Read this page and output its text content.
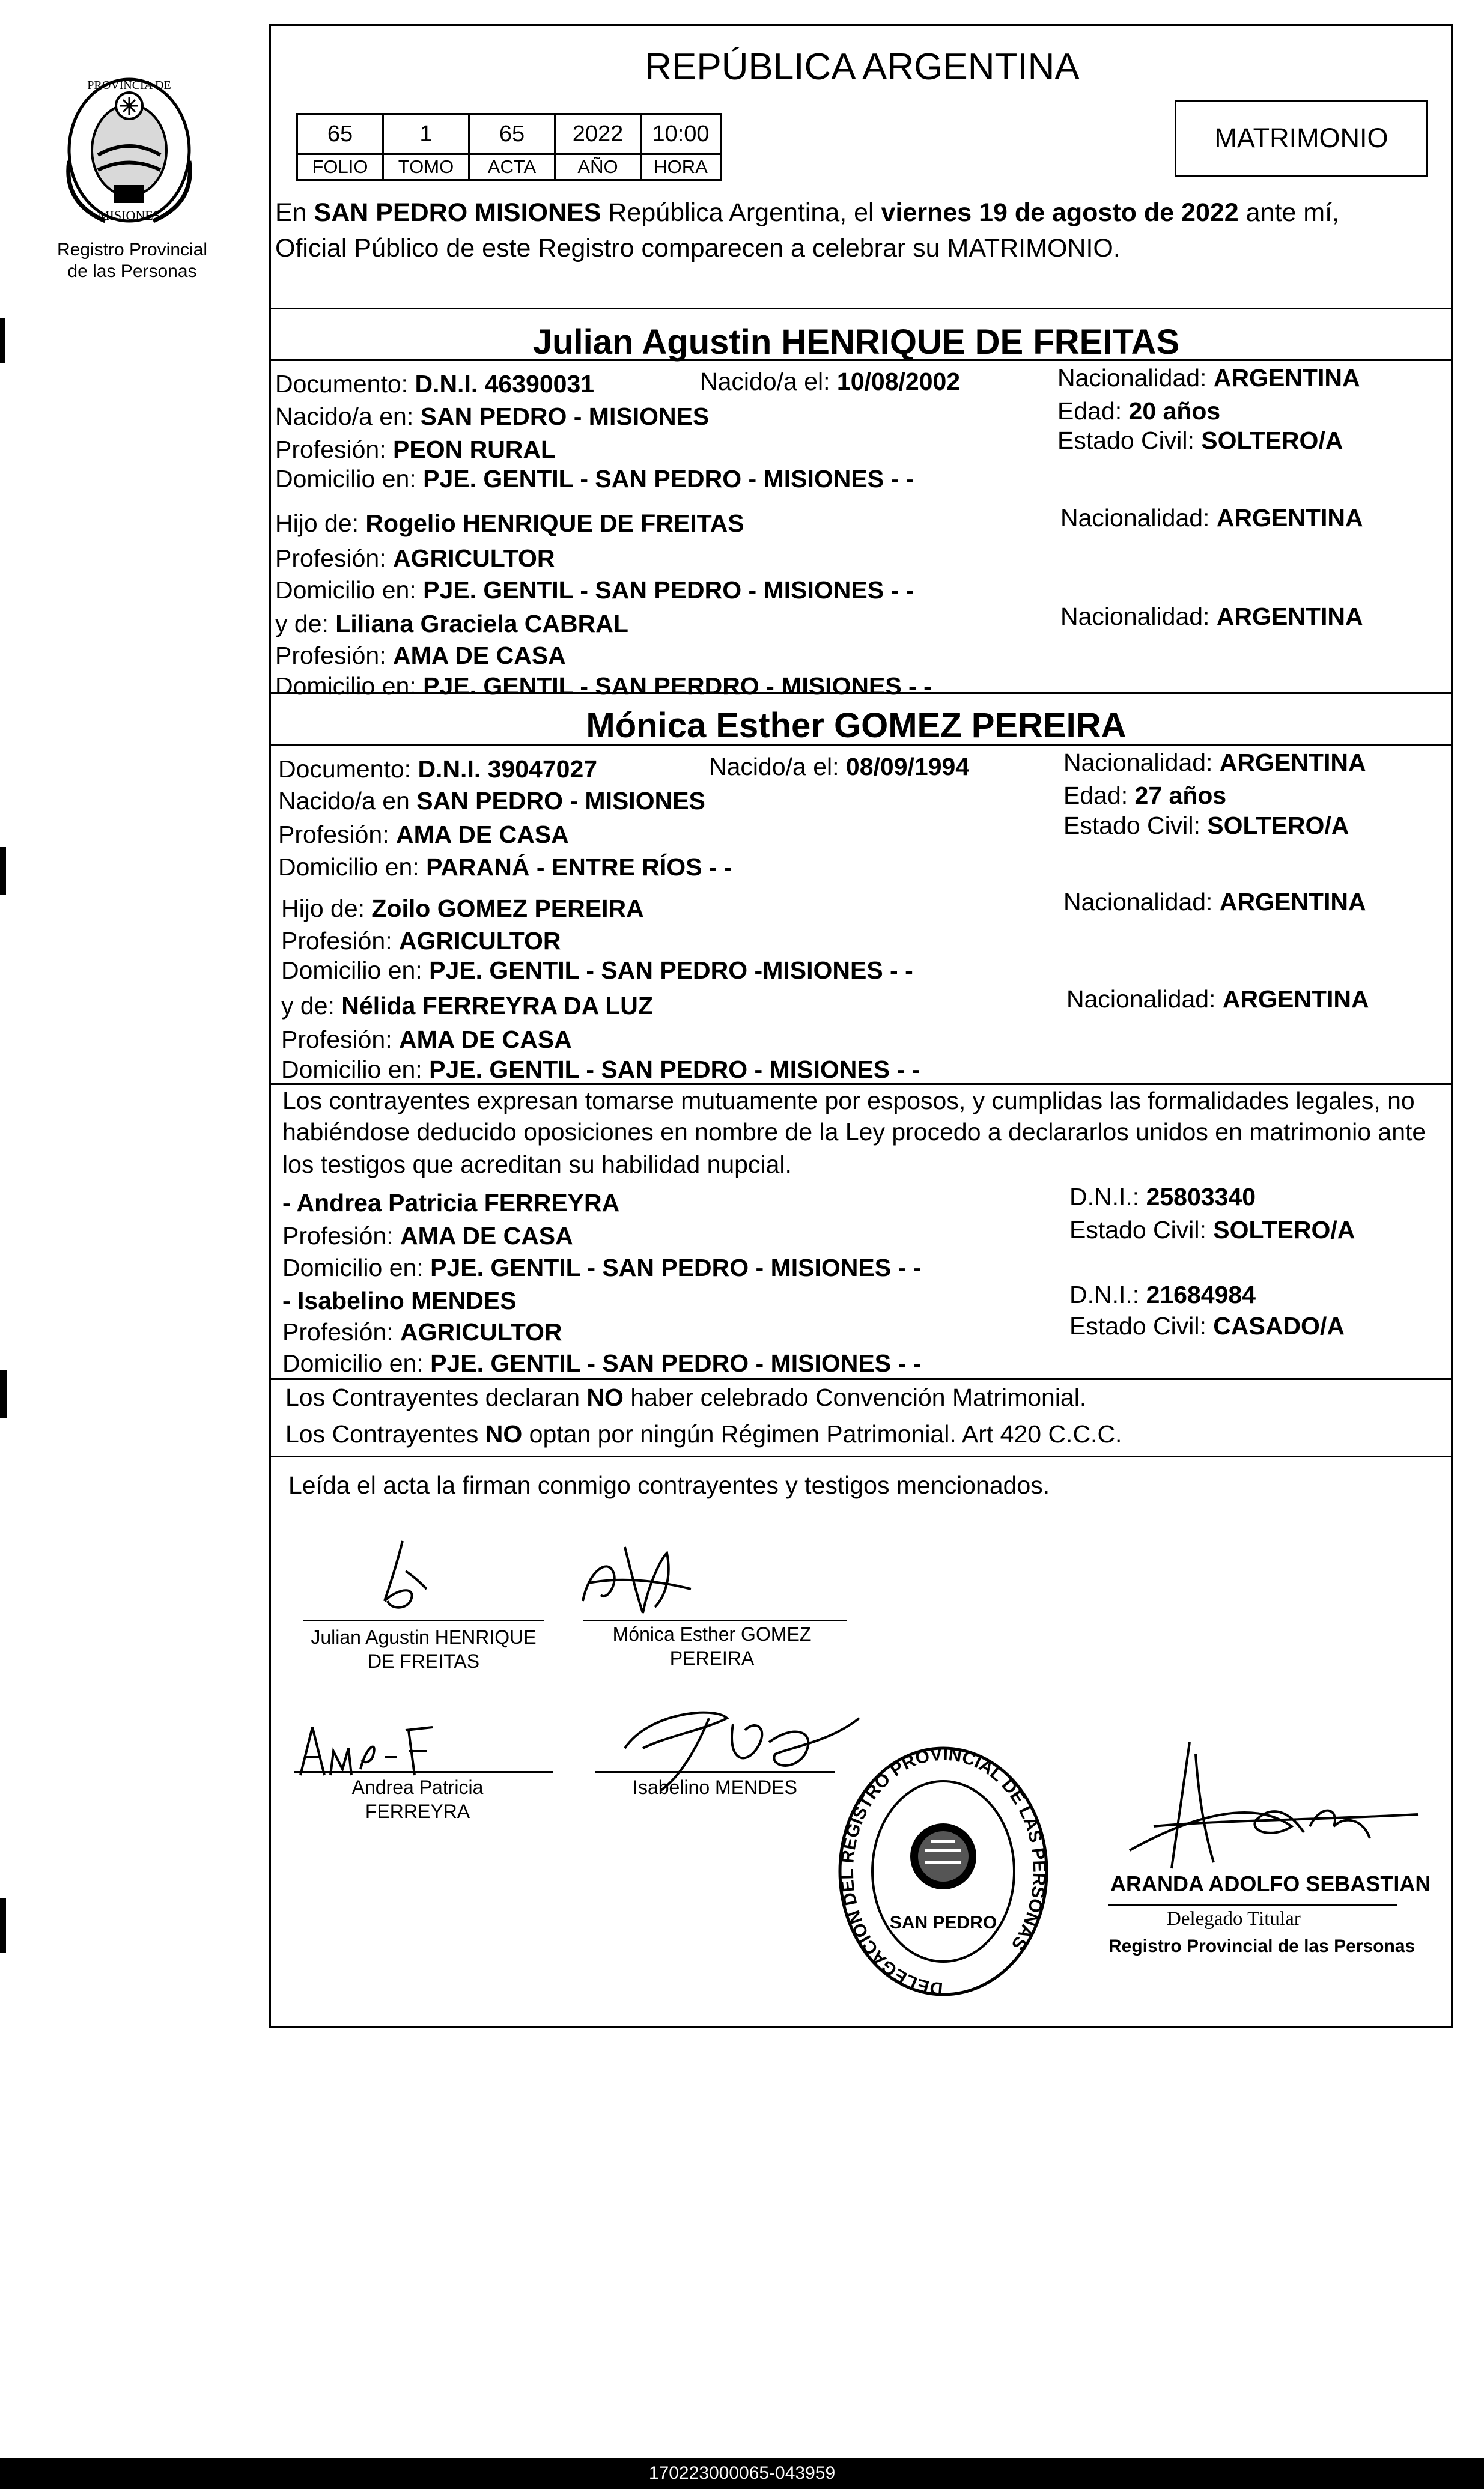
PROVINCIA DE
MISIONES
Registro Provincial
de las Personas
REPÚBLICA ARGENTINA
65	1	65	2022	10:00
FOLIO	TOMO	ACTA	AÑO	HORA
MATRIMONIO
En SAN PEDRO MISIONES República Argentina, el viernes 19 de agosto de 2022 ante mí,
Oficial Público de este Registro comparecen a celebrar su MATRIMONIO.
Julian Agustin HENRIQUE DE FREITAS
Documento: D.N.I. 46390031	Nacido/a el: 10/08/2002	Nacionalidad: ARGENTINA
Nacido/a en: SAN PEDRO - MISIONES	Edad: 20 años
Profesión: PEON RURAL	Estado Civil: SOLTERO/A
Domicilio en: PJE. GENTIL - SAN PEDRO - MISIONES - -
Hijo de: Rogelio HENRIQUE DE FREITAS	Nacionalidad: ARGENTINA
Profesión: AGRICULTOR
Domicilio en: PJE. GENTIL - SAN PEDRO - MISIONES - -
y de: Liliana Graciela CABRAL	Nacionalidad: ARGENTINA
Profesión: AMA DE CASA
Domicilio en: PJE. GENTIL - SAN PERDRO - MISIONES - -
Mónica Esther GOMEZ PEREIRA
Documento: D.N.I. 39047027	Nacido/a el: 08/09/1994	Nacionalidad: ARGENTINA
Nacido/a en SAN PEDRO - MISIONES	Edad: 27 años
Profesión: AMA DE CASA	Estado Civil: SOLTERO/A
Domicilio en: PARANÁ - ENTRE RÍOS - -
Hijo de: Zoilo GOMEZ PEREIRA	Nacionalidad: ARGENTINA
Profesión: AGRICULTOR
Domicilio en: PJE. GENTIL - SAN PEDRO -MISIONES - -
y de: Nélida FERREYRA DA LUZ	Nacionalidad: ARGENTINA
Profesión: AMA DE CASA
Domicilio en: PJE. GENTIL - SAN PEDRO - MISIONES - -
Los contrayentes expresan tomarse mutuamente por esposos, y cumplidas las formalidades legales, no
habiéndose deducido oposiciones en nombre de la Ley procedo a declararlos unidos en matrimonio ante
los testigos que acreditan su habilidad nupcial.
- Andrea Patricia FERREYRA	D.N.I.: 25803340
Profesión: AMA DE CASA	Estado Civil: SOLTERO/A
Domicilio en: PJE. GENTIL - SAN PEDRO - MISIONES - -
- Isabelino MENDES	D.N.I.: 21684984
Profesión: AGRICULTOR	Estado Civil: CASADO/A
Domicilio en: PJE. GENTIL - SAN PEDRO - MISIONES - -
Los Contrayentes declaran NO haber celebrado Convención Matrimonial.
Los Contrayentes NO optan por ningún Régimen Patrimonial. Art 420 C.C.C.
Leída el acta la firman conmigo contrayentes y testigos mencionados.
Julian Agustin HENRIQUE
DE FREITAS
Mónica Esther GOMEZ
PEREIRA
Andrea Patricia
FERREYRA
Isabelino MENDES
DELEGACION DEL REGISTRO PROVINCIAL DE LAS PERSONAS
SAN PEDRO
ARANDA ADOLFO SEBASTIAN
Delegado Titular
Registro Provincial de las Personas
170223000065-043959
